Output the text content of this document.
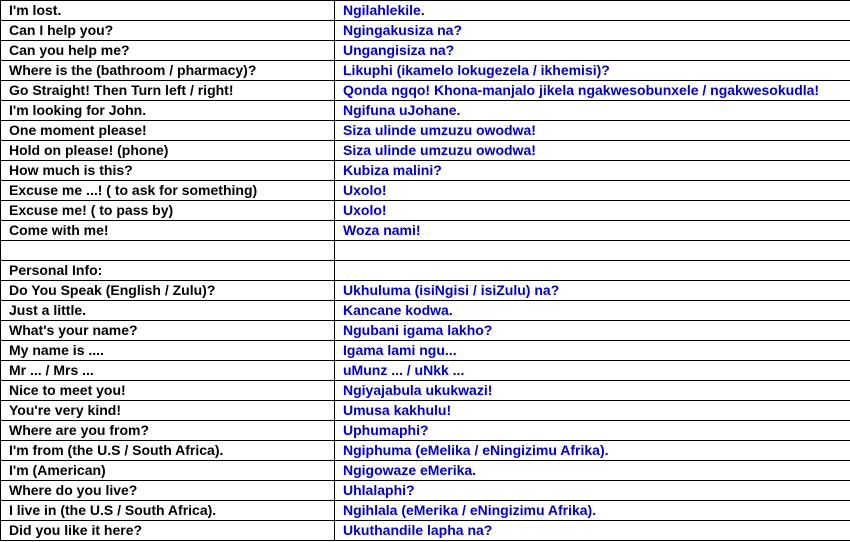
I'm lost.	Ngilahlekile.
Can I help you?	Ngingakusiza na?
Can you help me?	Ungangisiza na?
Where is the (bathroom / pharmacy)?	Likuphi (ikamelo lokugezela / ikhemisi)?
Go Straight! Then Turn left / right!	Qonda ngqo! Khona-manjalo jikela ngakwesobunxele / ngakwesokudla!
I'm looking for John.	Ngifuna uJohane.
One moment please!	Siza ulinde umzuzu owodwa!
Hold on please! (phone)	Siza ulinde umzuzu owodwa!
How much is this?	Kubiza malini?
Excuse me ...! ( to ask for something)	Uxolo!
Excuse me! ( to pass by)	Uxolo!
Come with me!	Woza nami!

Personal Info:	
Do You Speak (English / Zulu)?	Ukhuluma (isiNgisi / isiZulu) na?
Just a little.	Kancane kodwa.
What's your name?	Ngubani igama lakho?
My name is ....	Igama lami ngu...
Mr ... / Mrs ...	uMunz ... / uNkk ...
Nice to meet you!	Ngiyajabula ukukwazi!
You're very kind!	Umusa kakhulu!
Where are you from?	Uphumaphi?
I'm from (the U.S / South Africa).	Ngiphuma (eMelika / eNingizimu Afrika).
I'm (American)	Ngigowaze eMerika.
Where do you live?	Uhlalaphi?
I live in (the U.S / South Africa).	Ngihlala (eMerika / eNingizimu Afrika).
Did you like it here?	Ukuthandile lapha na?
